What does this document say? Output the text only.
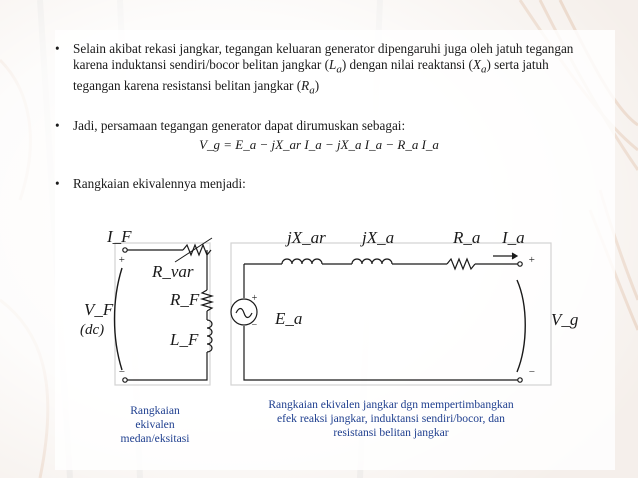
• Selain akibat rekasi jangkar, tegangan keluaran generator dipengaruhi juga oleh jatuh tegangan karena induktansi sendiri/bocor belitan jangkar $(L_a)$ dengan nilai reaktansi $(X_a)$ serta jatuh tegangan karena resistansi belitan jangkar $(R_a)$
• Jadi, persamaan tegangan generator dapat dirumuskan sebagai:
V_g = E_a − jX_ar I_a − jX_a I_a − R_a I_a
• Rangkaian ekivalennya menjadi:
I_F
R_var
R_F
L_F
V_F
(dc)
+
−
jX_ar jX_a	R_a I_a
E_a	V_g
+
−
+
−
Rangkaian
ekivalen
medan/eksitasi
Rangkaian ekivalen jangkar dgn mempertimbangkan
efek reaksi jangkar, induktansi sendiri/bocor, dan
resistansi belitan jangkar
